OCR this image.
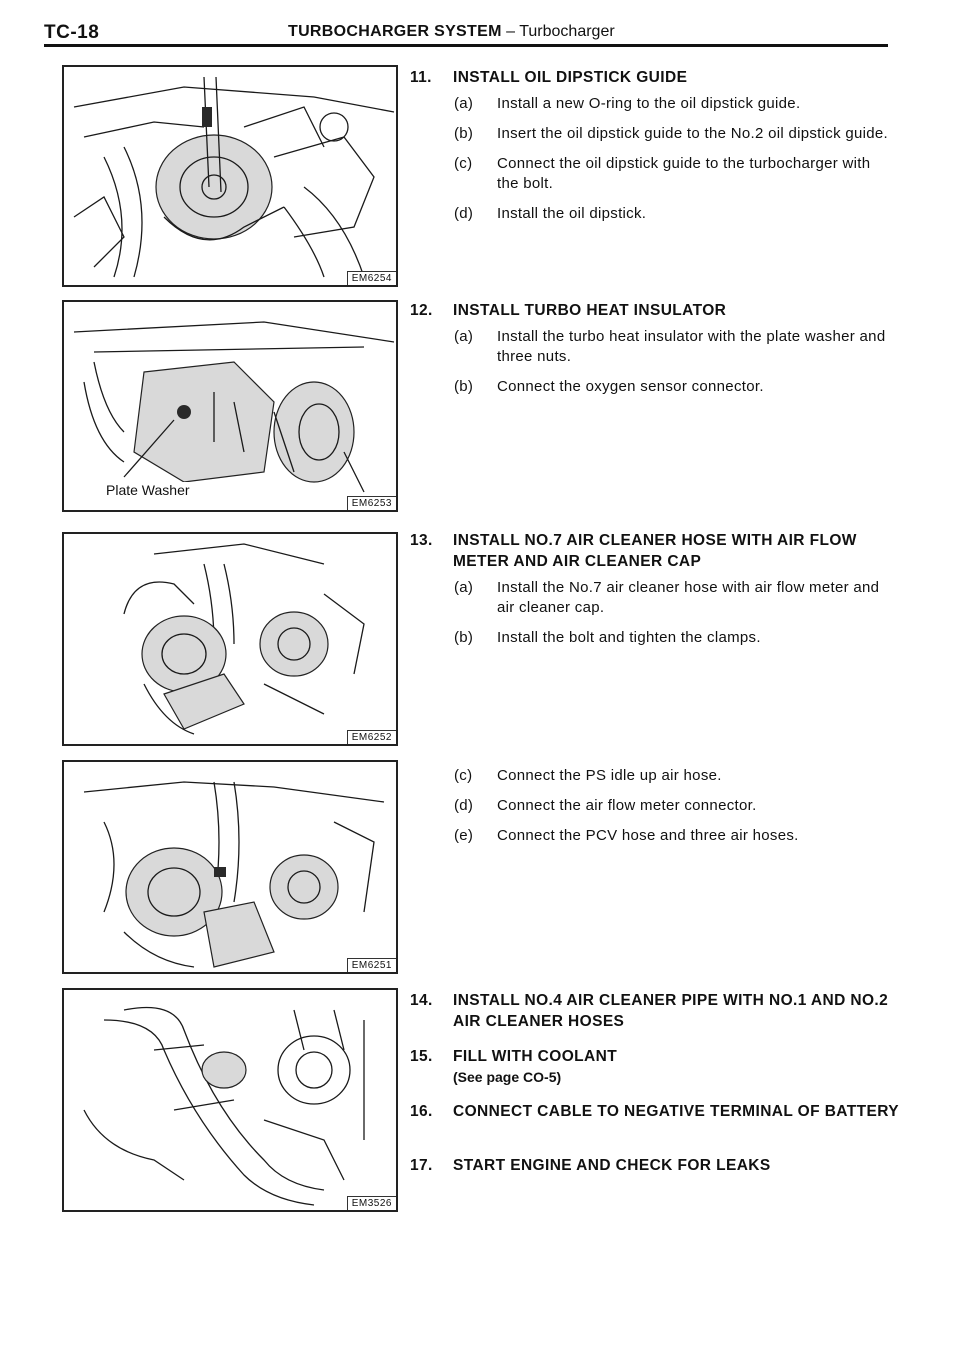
TC-18	TURBOCHARGER SYSTEM – Turbocharger
EM6254
Plate Washer
EM6253
EM6252
EM6251
EM3526
11.	INSTALL OIL DIPSTICK GUIDE
(a)	Install a new O-ring to the oil dipstick guide.
(b)	Insert the oil dipstick guide to the No.2 oil dipstick guide.
(c)	Connect the oil dipstick guide to the turbocharger with the bolt.
(d)	Install the oil dipstick.
12.	INSTALL TURBO HEAT INSULATOR
(a)	Install the turbo heat insulator with the plate washer and three nuts.
(b)	Connect the oxygen sensor connector.
13.	INSTALL NO.7 AIR CLEANER HOSE WITH AIR FLOW METER AND AIR CLEANER CAP
(a)	Install the No.7 air cleaner hose with air flow meter and air cleaner cap.
(b)	Install the bolt and tighten the clamps.
(c)	Connect the PS idle up air hose.
(d)	Connect the air flow meter connector.
(e)	Connect the PCV hose and three air hoses.
14.	INSTALL NO.4 AIR CLEANER PIPE WITH NO.1 AND NO.2 AIR CLEANER HOSES
15.	FILL WITH COOLANT
(See page CO-5)
16.	CONNECT CABLE TO NEGATIVE TERMINAL OF BATTERY
17.	START ENGINE AND CHECK FOR LEAKS
